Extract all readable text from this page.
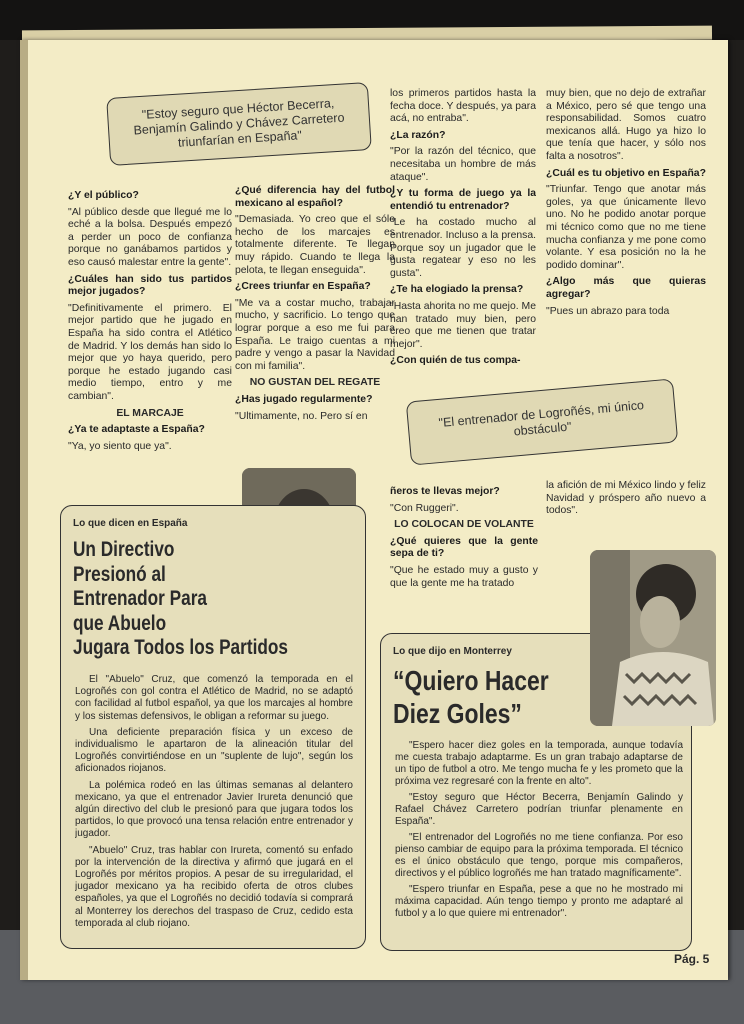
"Estoy seguro que Héctor Becerra, Benjamín Galindo y Chávez Carretero triunfarían en España"

¿Y el público?

"Al público desde que llegué me lo eché a la bolsa. Después empezó a perder un poco de confianza porque no ganábamos partidos y eso causó malestar entre la gente".

¿Cuáles han sido tus partidos mejor jugados?

"Definitivamente el primero. El mejor partido que he jugado en España ha sido contra el Atlético de Madrid. Y los demás han sido lo mejor que yo haya querido, pero porque he estado jugando casi medio tiempo, entro y me cambian".

EL MARCAJE

¿Ya te adaptaste a España?

"Ya, yo siento que ya".

¿Qué diferencia hay del futbol mexicano al español?

"Demasiada. Yo creo que el sólo hecho de los marcajes es totalmente diferente. Te llegan muy rápido. Cuando te llega la pelota, te llegan enseguida".

¿Crees triunfar en España?

"Me va a costar mucho, trabajar mucho, y sacrificio. Lo tengo que lograr porque a eso me fui para España. Le traigo cuentas a mi padre y vengo a pasar la Navidad con mi familia".

NO GUSTAN DEL REGATE

¿Has jugado regularmente?

"Ultimamente, no. Pero sí en

los primeros partidos hasta la fecha doce. Y después, ya para acá, no entraba".

¿La razón?

"Por la razón del técnico, que necesitaba un hombre de más ataque".

¿Y tu forma de juego ya la entendió tu entrenador?

"Le ha costado mucho al entrenador. Incluso a la prensa. Porque soy un jugador que le gusta regatear y eso no les gusta".

¿Te ha elogiado la prensa?

"Hasta ahorita no me quejo. Me han tratado muy bien, pero creo que me tienen que tratar mejor".

¿Con quién de tus compa-

muy bien, que no dejo de extrañar a México, pero sé que tengo una responsabilidad. Somos cuatro mexicanos allá. Hugo ya hizo lo que tenía que hacer, y sólo nos falta a nosotros".

¿Cuál es tu objetivo en España?

"Triunfar. Tengo que anotar más goles, ya que únicamente llevo uno. No he podido anotar porque mi técnico como que no me tiene mucha confianza y me pone como volante. Y esa posición no la he podido dominar".

¿Algo más que quieras agregar?

"Pues un abrazo para toda

"El entrenador de Logroñés, mi único obstáculo"

ñeros te llevas mejor?

"Con Ruggeri".

LO COLOCAN DE VOLANTE

¿Qué quieres que la gente sepa de ti?

"Que he estado muy a gusto y que la gente me ha tratado

la afición de mi México lindo y feliz Navidad y próspero año nuevo a todos".

Lo que dicen en España
Un Directivo
Presionó al
Entrenador Para
que Abuelo
Jugara Todos los Partidos

El "Abuelo" Cruz, que comenzó la temporada en el Logroñés con gol contra el Atlético de Madrid, no se adaptó con facilidad al futbol español, ya que los marcajes al hombre y los sistemas defensivos, le obligan a reformar su juego.

Una deficiente preparación física y un exceso de individualismo le apartaron de la alineación titular del Logroñés convirtiéndose en un "suplente de lujo", según los aficionados riojanos.

La polémica rodeó en las últimas semanas al delantero mexicano, ya que el entrenador Javier Irureta denunció que algún directivo del club le presionó para que jugara todos los partidos, lo que provocó una tensa relación entre entrenador y jugador.

"Abuelo" Cruz, tras hablar con Irureta, comentó su enfado por la intervención de la directiva y afirmó que jugará en el Logroñés por méritos propios. A pesar de su irregularidad, el jugador mexicano ya ha recibido oferta de otros clubes españoles, ya que el Logroñés no decidió todavía si comprará al Monterrey los derechos del traspaso de Cruz, cedido esta temporada al club riojano.

Lo que dijo en Monterrey
“Quiero Hacer
Diez Goles”

"Espero hacer diez goles en la temporada, aunque todavía me cuesta trabajo adaptarme. Es un gran trabajo adaptarse de un tipo de futbol a otro. Me tengo mucha fe y les prometo que la próxima vez regresaré con la frente en alto".

"Estoy seguro que Héctor Becerra, Benjamín Galindo y Rafael Chávez Carretero podrían triunfar plenamente en España".

"El entrenador del Logroñés no me tiene confianza. Por eso pienso cambiar de equipo para la próxima temporada. El técnico es el único obstáculo que tengo, porque mis compañeros, directivos y el público logroñés me han tratado magníficamente".

"Espero triunfar en España, pese a que no he mostrado mi máxima capacidad. Aún tengo tiempo y pronto me adaptaré al futbol y a lo que quiere mi entrenador".

Pág. 5
